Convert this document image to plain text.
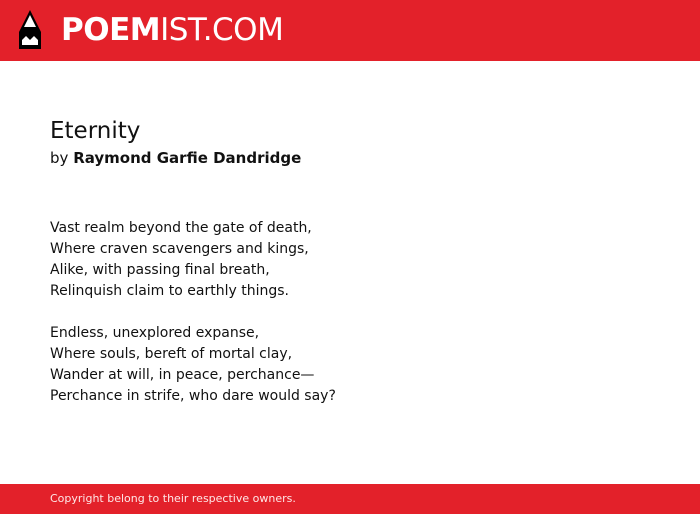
POEMIST.COM
Eternity
by Raymond Garfie Dandridge
Vast realm beyond the gate of death,
Where craven scavengers and kings,
Alike, with passing final breath,
Relinquish claim to earthly things.
Endless, unexplored expanse,
Where souls, bereft of mortal clay,
Wander at will, in peace, perchance—
Perchance in strife, who dare would say?
Copyright belong to their respective owners.
